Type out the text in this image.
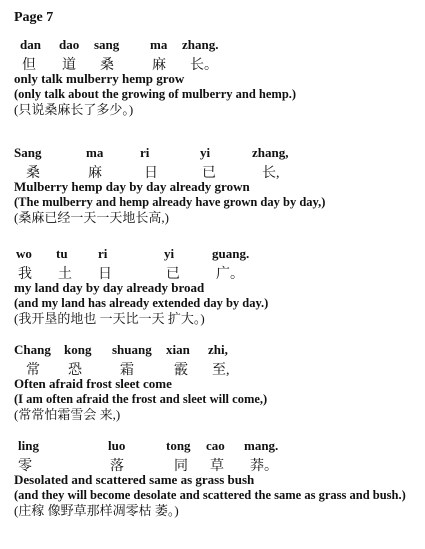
Page 7
dan dao sang ma zhang.
但 道 桑	麻 长。
only talk mulberry hemp grow
(only talk about the growing of mulberry and hemp.)
(只说桑麻长了多少。)
Sang	ma	ri	yi	zhang,
桑	麻	日	已	长,
Mulberry hemp day by day already grown
(The mulberry and hemp already have grown day by day,)
(桑麻已经一天一天地长高,)
wo tu ri	yi	guang.
我 土 日	已	广。
my land day by day already broad
(and my land has already extended day by day.)
(我开垦的地也 一天比一天 扩大。)
Chang kong shuang xian zhi,
常 恐	霜	霰 至,
Often afraid frost sleet come
(I am often afraid the frost and sleet will come,)
(常常怕霜雪会 来,)
ling	luo	tong cao mang.
零	落	同 草 莽。
Desolated and scattered same as grass bush
(and they will become desolate and scattered the same as grass and bush.)
(庄稼 像野草那样凋零枯 萎。)
